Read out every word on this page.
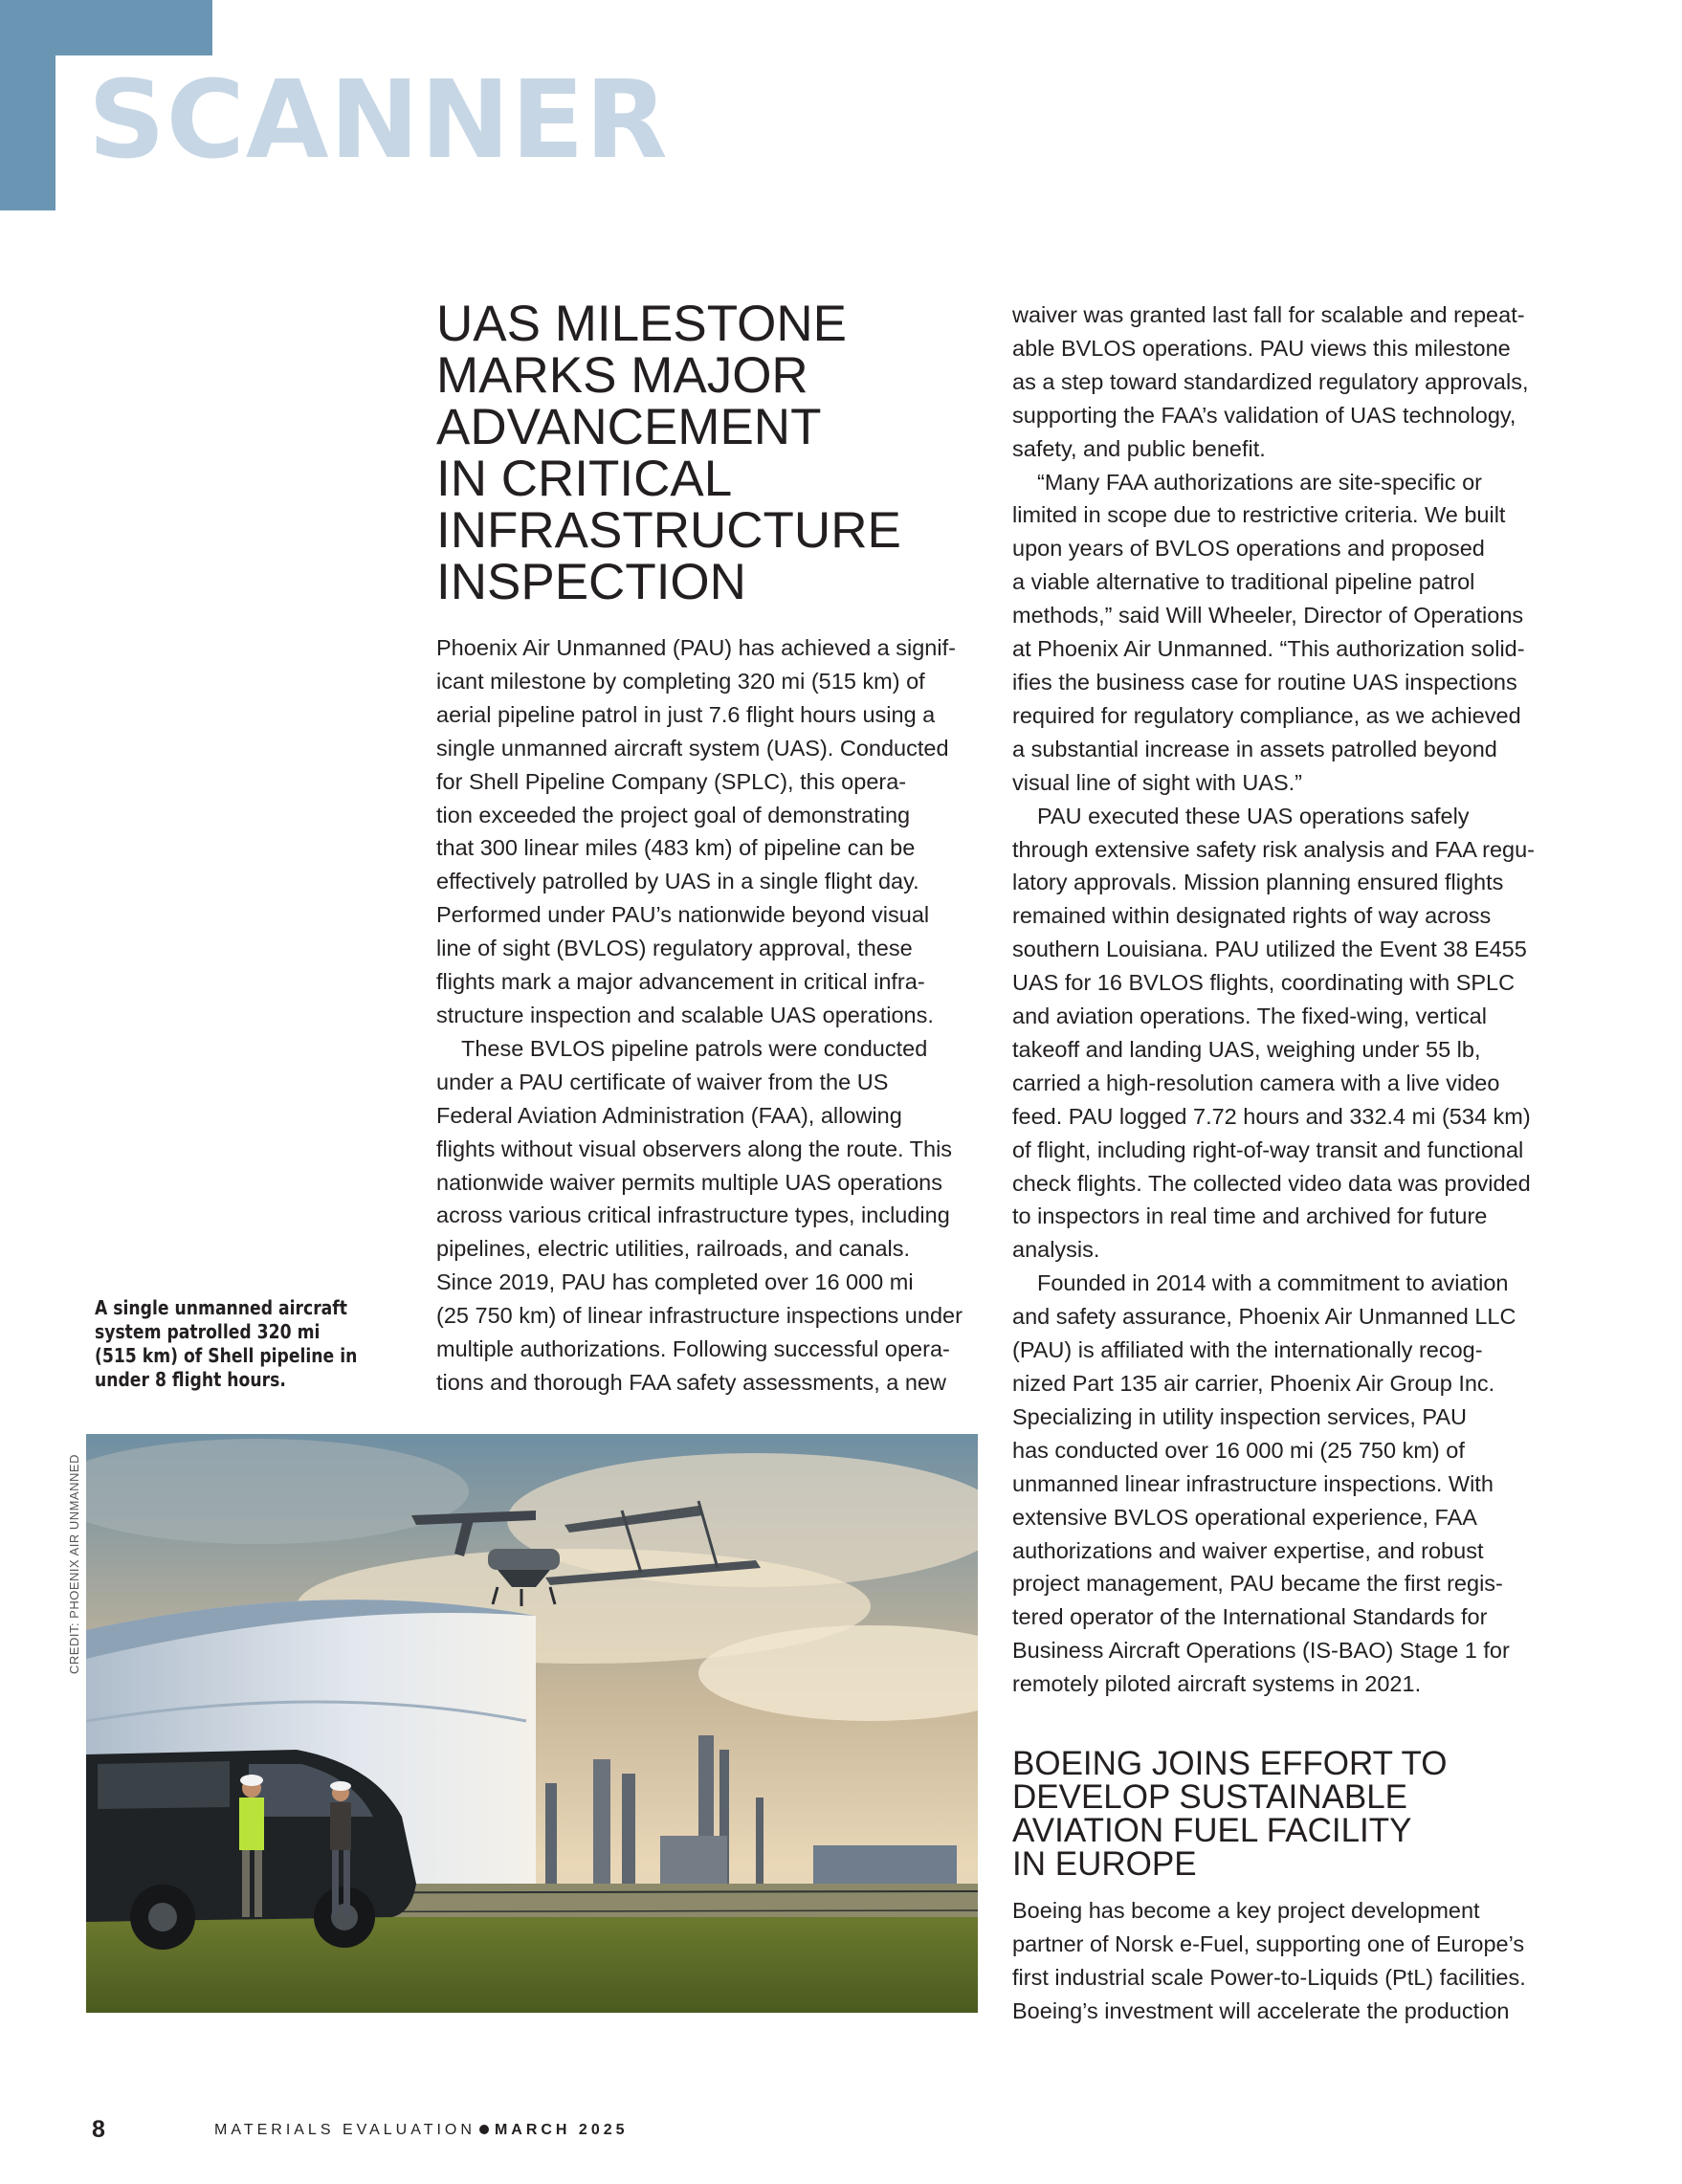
SCANNER
UAS MILESTONE
MARKS MAJOR
ADVANCEMENT
IN CRITICAL
INFRASTRUCTURE
INSPECTION
Phoenix Air Unmanned (PAU) has achieved a signif-
icant milestone by completing 320 mi (515 km) of
aerial pipeline patrol in just 7.6 flight hours using a
single unmanned aircraft system (UAS). Conducted
for Shell Pipeline Company (SPLC), this opera-
tion exceeded the project goal of demonstrating
that 300 linear miles (483 km) of pipeline can be
effectively patrolled by UAS in a single flight day.
Performed under PAU’s nationwide beyond visual
line of sight (BVLOS) regulatory approval, these
flights mark a major advancement in critical infra-
structure inspection and scalable UAS operations.
These BVLOS pipeline patrols were conducted
under a PAU certificate of waiver from the US
Federal Aviation Administration (FAA), allowing
flights without visual observers along the route. This
nationwide waiver permits multiple UAS operations
across various critical infrastructure types, including
pipelines, electric utilities, railroads, and canals.
Since 2019, PAU has completed over 16 000 mi
(25 750 km) of linear infrastructure inspections under
multiple authorizations. Following successful opera-
tions and thorough FAA safety assessments, a new
waiver was granted last fall for scalable and repeat-
able BVLOS operations. PAU views this milestone
as a step toward standardized regulatory approvals,
supporting the FAA’s validation of UAS technology,
safety, and public benefit.
“Many FAA authorizations are site-specific or
limited in scope due to restrictive criteria. We built
upon years of BVLOS operations and proposed
a viable alternative to traditional pipeline patrol
methods,” said Will Wheeler, Director of Operations
at Phoenix Air Unmanned. “This authorization solid-
ifies the business case for routine UAS inspections
required for regulatory compliance, as we achieved
a substantial increase in assets patrolled beyond
visual line of sight with UAS.”
PAU executed these UAS operations safely
through extensive safety risk analysis and FAA regu-
latory approvals. Mission planning ensured flights
remained within designated rights of way across
southern Louisiana. PAU utilized the Event 38 E455
UAS for 16 BVLOS flights, coordinating with SPLC
and aviation operations. The fixed-wing, vertical
takeoff and landing UAS, weighing under 55 lb,
carried a high-resolution camera with a live video
feed. PAU logged 7.72 hours and 332.4 mi (534 km)
of flight, including right-of-way transit and functional
check flights. The collected video data was provided
to inspectors in real time and archived for future
analysis.
Founded in 2014 with a commitment to aviation
and safety assurance, Phoenix Air Unmanned LLC
(PAU) is affiliated with the internationally recog-
nized Part 135 air carrier, Phoenix Air Group Inc.
Specializing in utility inspection services, PAU
has conducted over 16 000 mi (25 750 km) of
unmanned linear infrastructure inspections. With
extensive BVLOS operational experience, FAA
authorizations and waiver expertise, and robust
project management, PAU became the first regis-
tered operator of the International Standards for
Business Aircraft Operations (IS-BAO) Stage 1 for
remotely piloted aircraft systems in 2021.
A single unmanned aircraft
system patrolled 320 mi
(515 km) of Shell pipeline in
under 8 flight hours.
CREDIT: PHOENIX AIR UNMANNED
BOEING JOINS EFFORT TO
DEVELOP SUSTAINABLE
AVIATION FUEL FACILITY
IN EUROPE
Boeing has become a key project development
partner of Norsk e-Fuel, supporting one of Europe’s
first industrial scale Power-to-Liquids (PtL) facilities.
Boeing’s investment will accelerate the production
8	MATERIALS EVALUATION MARCH 2025
